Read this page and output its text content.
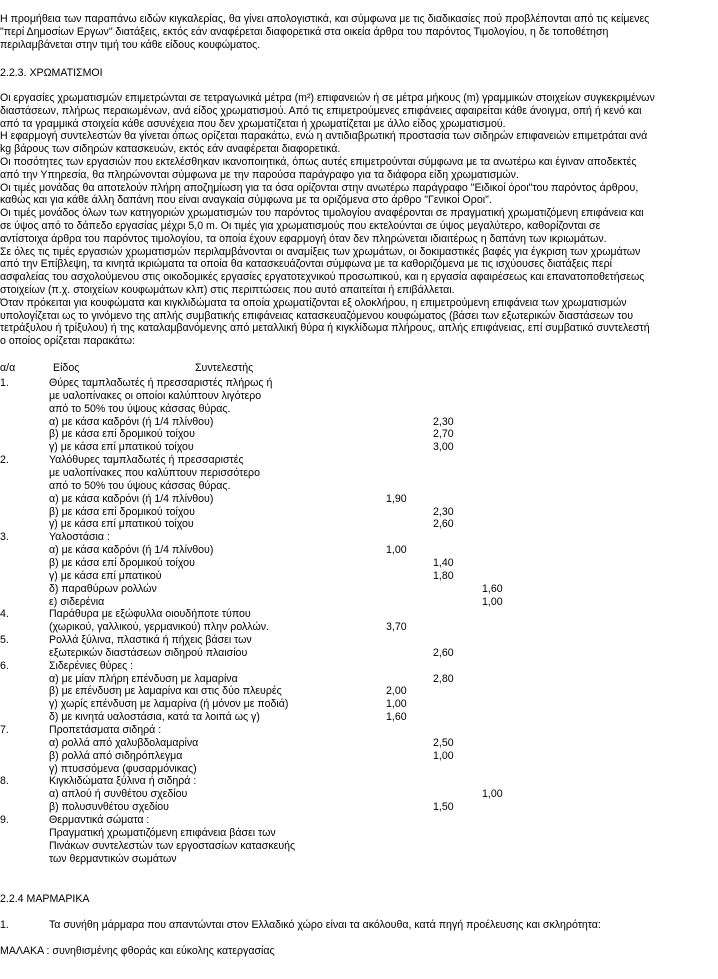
Η προμήθεια των παραπάνω ειδών κιγκαλερίας, θα γίνει απολογιστικά, και σύμφωνα με τις διαδικασίες πού προβλέπονται από τις κείμενες
"περί Δημοσίων Εργων" διατάξεις, εκτός εάν αναφέρεται διαφορετικά στα οικεία άρθρα του παρόντος Τιμολογίου, η δε τοποθέτηση
περιλαμβάνεται στην τιμή του κάθε είδους κουφώματος.
2.2.3. ΧΡΩΜΑΤΙΣΜΟΙ
Οι εργασίες χρωματισμών επιμετρώνται σε τετραγωνικά μέτρα (m²) επιφανειών ή σε μέτρα μήκους (m) γραμμικών στοιχείων συγκεκριμένων
διαστάσεων, πλήρως περαιωμένων, ανά είδος χρωματισμού. Από τις επιμετρούμενες επιφάνειες αφαιρείται κάθε άνοιγμα, οπή ή κενό και
από τα γραμμικά στοιχεία κάθε ασυνέχεια που δεν χρωματίζεται ή χρωματίζεται με άλλο είδος χρωματισμού.
Η εφαρμογή συντελεστών θα γίνεται όπως ορίζεται παρακάτω, ενώ η αντιδιαβρωτική προστασία των σιδηρών επιφανειών επιμετράται ανά
kg βάρους των σιδηρών κατασκευών, εκτός εάν αναφέρεται διαφορετικά.
Οι ποσότητες των εργασιών που εκτελέσθηκαν ικανοποιητικά, όπως αυτές επιμετρούνται σύμφωνα με τα ανωτέρω και έγιναν αποδεκτές
από την Υπηρεσία, θα πληρώνονται σύμφωνα με την παρούσα παράγραφο για τα διάφορα είδη χρωματισμών.
Οι τιμές μονάδας θα αποτελούν πλήρη αποζημίωση για τα όσα ορίζονται στην ανωτέρω παράγραφο "Ειδικοί όροι"του παρόντος άρθρου,
καθώς και για κάθε άλλη δαπάνη που είναι αναγκαία σύμφωνα με τα οριζόμενα στο άρθρο "Γενικοί Οροι".
Οι τιμές μονάδος όλων των κατηγοριών χρωματισμών του παρόντος τιμολογίου αναφέρονται σε πραγματική χρωματιζόμενη επιφάνεια και
σε ύψος από το δάπεδο εργασίας μέχρι 5,0 m. Οι τιμές για χρωματισμούς που εκτελούνται σε ύψος μεγαλύτερο, καθορίζονται σε
αντίστοιχα άρθρα του παρόντος τιμολογίου, τα οποία έχουν εφαρμογή όταν δεν πληρώνεται ιδιαιτέρως η δαπάνη των ικριωμάτων.
Σε όλες τις τιμές εργασιών χρωματισμών περιλαμβάνονται οι αναμίξεις των χρωμάτων, οι δοκιμαστικές βαφές για έγκριση των χρωμάτων
από την Επίβλεψη, τα κινητά ικριώματα τα οποία θα κατασκευάζονται σύμφωνα με τα καθοριζόμενα με τις ισχύουσες διατάξεις περί
ασφαλείας του ασχολούμενου στις οικοδομικές εργασίες εργατοτεχνικού προσωπικού, και η εργασία αφαιρέσεως και επανατοποθετήσεως
στοιχείων (π.χ. στοιχείων κουφωμάτων κλπ) στις περιπτώσεις που αυτό απαιτείται ή επιβάλλεται.
Όταν πρόκειται για κουφώματα και κιγκλιδώματα τα οποία χρωματίζονται εξ ολοκλήρου, η επιμετρούμενη επιφάνεια των χρωματισμών
υπολογίζεται ως το γινόμενο της απλής συμβατικής επιφάνειας κατασκευαζόμενου κουφώματος (βάσει των εξωτερικών διαστάσεων του
τετράξυλου ή τρίξυλου) ή της καταλαμβανόμενης από μεταλλική θύρα ή κιγκλίδωμα πλήρους, απλής επιφάνειας, επί συμβατικό συντελεστή
ο οποίος ορίζεται παρακάτω:
α/α	Είδος	Συντελεστής
1.	Θύρες ταμπλαδωτές ή πρεσσαριστές πλήρως ή
με υαλοπίνακες οι οποίοι καλύπτουν λιγότερο
από το 50% του ύψους κάσσας θύρας.
α) με κάσα καδρόνι (ή 1/4 πλίνθου)	2,30
β) με κάσα επί δρομικού τοίχου	2,70
γ) με κάσα επί μπατικού τοίχου	3,00
2.	Υαλόθυρες ταμπλαδωτές ή πρεσσαριστές
με υαλοπίνακες που καλύπτουν περισσότερο
από το 50% του ύψους κάσσας θύρας.
α) με κάσα καδρόνι (ή 1/4 πλίνθου)	1,90
β) με κάσα επί δρομικού τοίχου	2,30
γ) με κάσα επί μπατικού τοίχου	2,60
3.	Υαλοστάσια :
α) με κάσα καδρόνι (ή 1/4 πλίνθου)	1,00
β) με κάσα επί δρομικού τοίχου	1,40
γ) με κάσα επί μπατικού	1,80
δ) παραθύρων ρολλών	1,60
ε) σιδερένια	1,00
4.	Παράθυρα με εξώφυλλα οιουδήποτε τύπου
(χωρικού, γαλλικού, γερμανικού) πλην ρολλών.	3,70
5.	Ρολλά ξύλινα, πλαστικά ή πήχεις βάσει των
εξωτερικών διαστάσεων σιδηρού πλαισίου	2,60
6.	Σιδερένιες θύρες :
α) με μίαν πλήρη επένδυση με λαμαρίνα	2,80
β) με επένδυση με λαμαρίνα και στις δύο πλευρές	2,00
γ) χωρίς επένδυση με λαμαρίνα (ή μόνον με ποδιά)	1,00
δ) με κινητά υαλοστάσια, κατά τα λοιπά ως γ)	1,60
7.	Προπετάσματα σιδηρά :
α) ρολλά από χαλυβδολαμαρίνα	2,50
β) ρολλά από σιδηρόπλεγμα	1,00
γ) πτυσσόμενα (φυσαρμόνικας)
8.	Κιγκλιδώματα ξύλινα ή σιδηρά :
α) απλού ή συνθέτου σχεδίου	1,00
β) πολυσυνθέτου σχεδίου	1,50
9.	Θερμαντικά σώματα :
Πραγματική χρωματιζόμενη επιφάνεια βάσει των
Πινάκων συντελεστών των εργοστασίων κατασκευής
των θερμαντικών σωμάτων
2.2.4 ΜΑΡΜΑΡΙΚΑ
1.	Τα συνήθη μάρμαρα που απαντώνται στον Ελλαδικό χώρο είναι τα ακόλουθα, κατά πηγή προέλευσης και σκληρότητα:
ΜΑΛΑΚΑ : συνηθισμένης φθοράς και εύκολης κατεργασίας
